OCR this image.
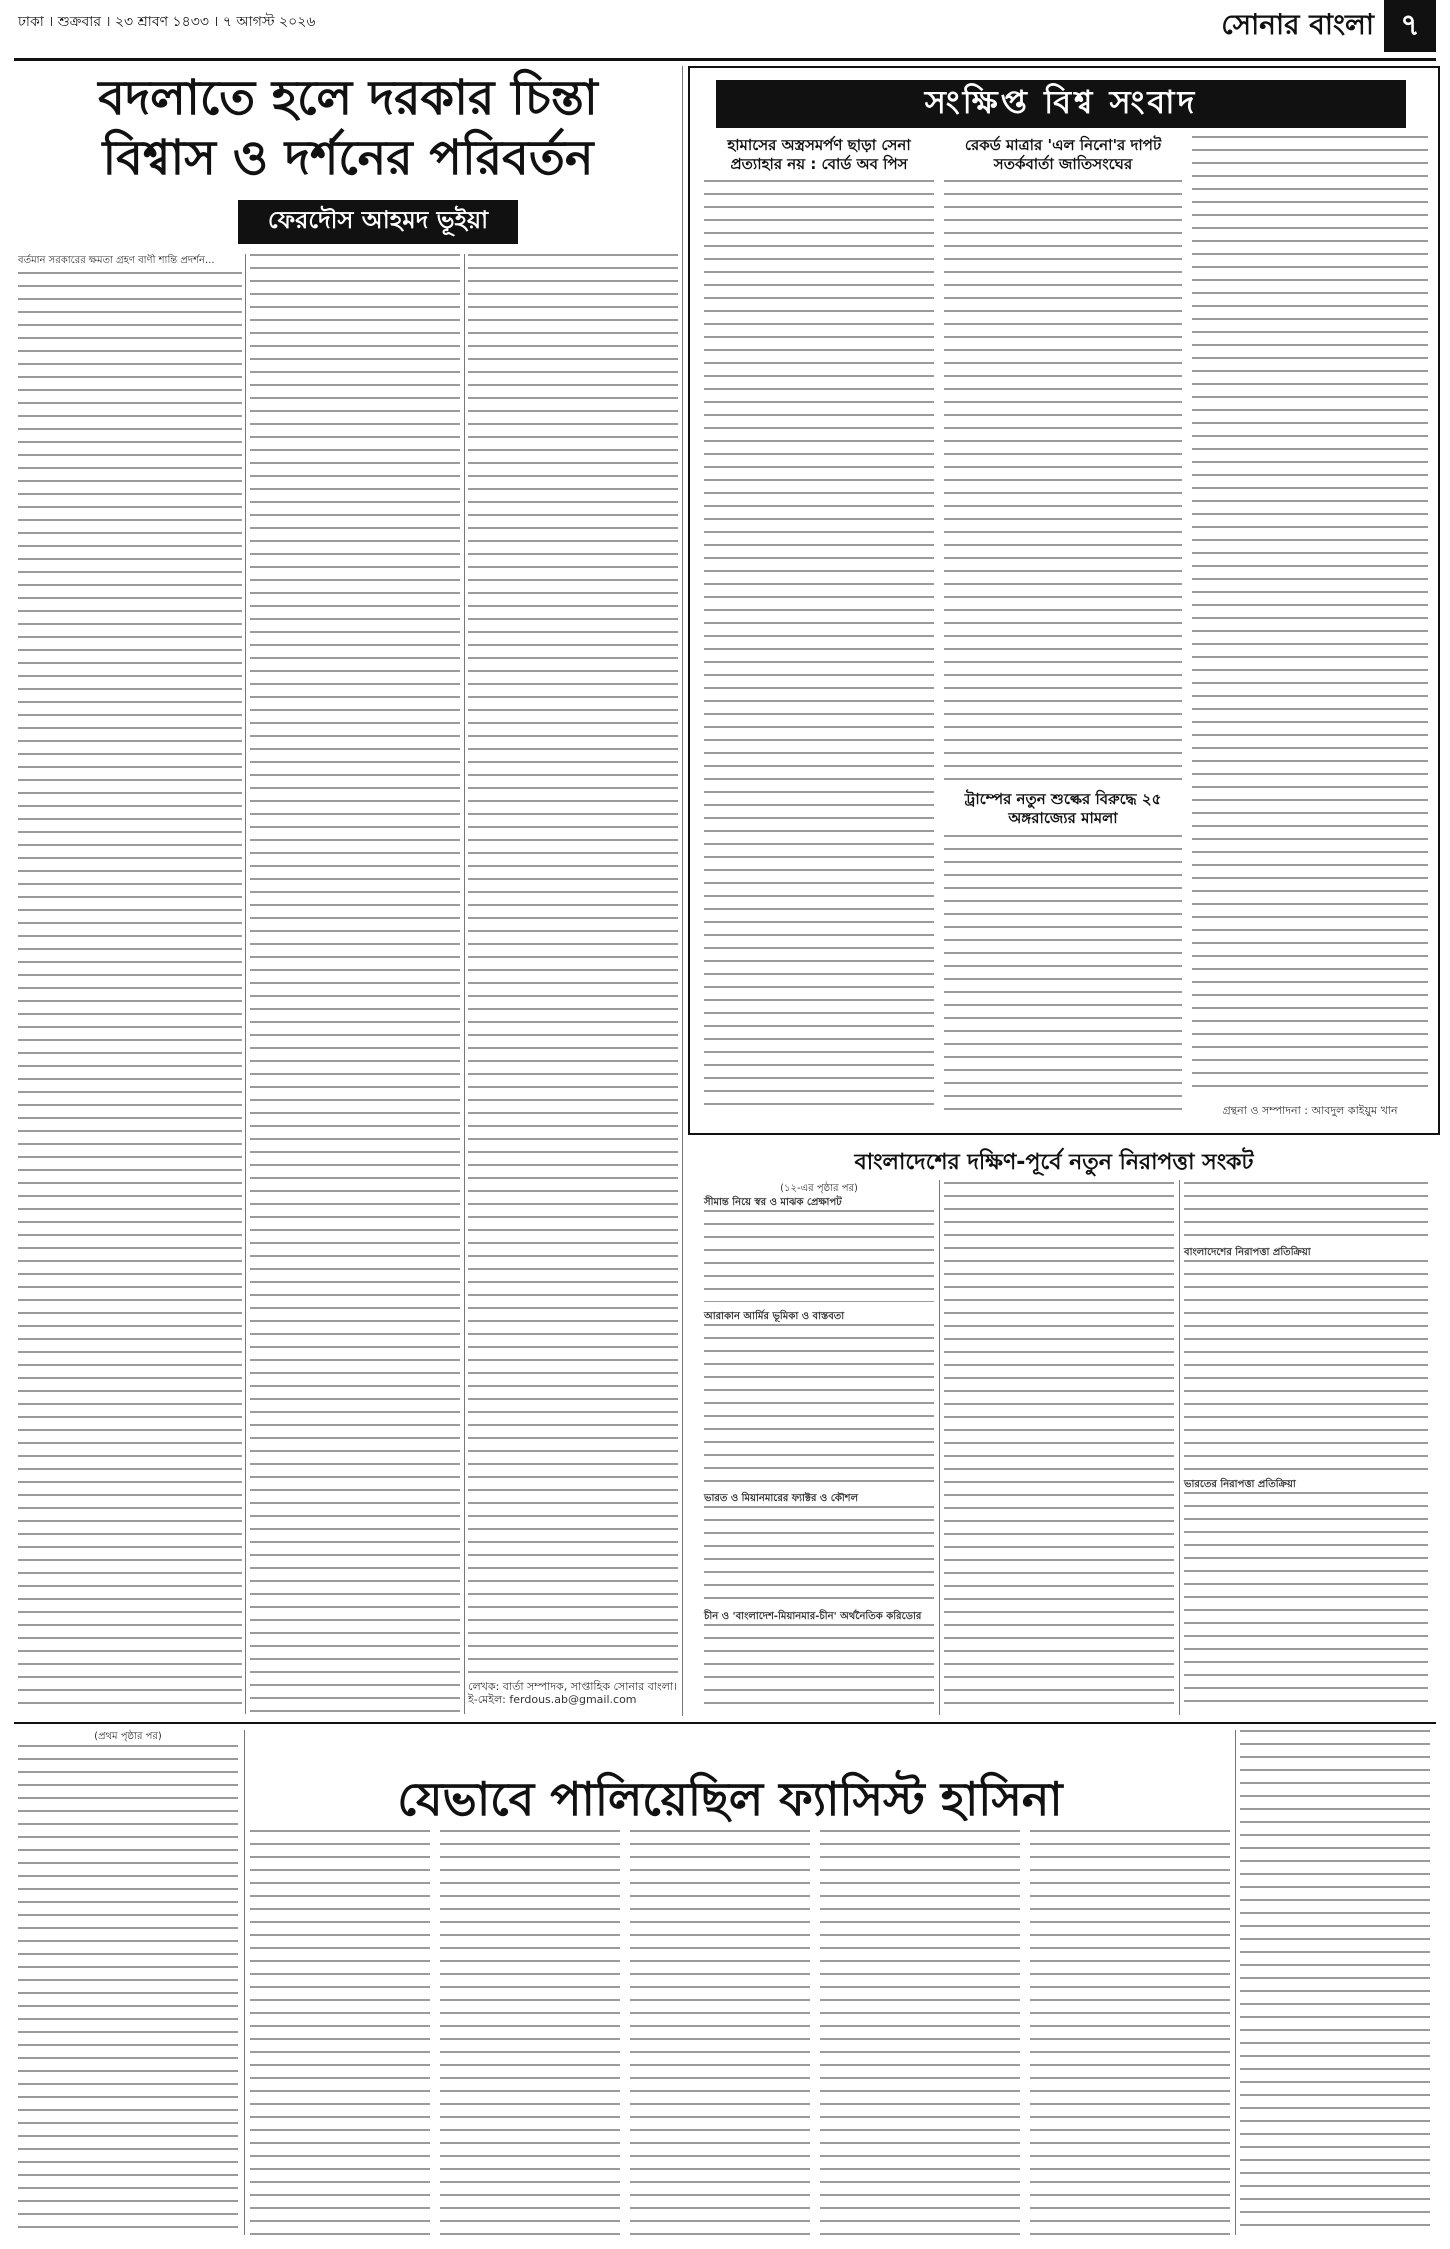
ঢাকা । শুক্রবার । ২৩ শ্রাবণ ১৪৩৩ । ৭ আগস্ট ২০২৬	সোনার বাংলা ৭
বদলাতে হলে দরকার চিন্তা
বিশ্বাস ও দর্শনের পরিবর্তন
ফেরদৌস আহমদ ভূইয়া
বর্তমান সরকারের ক্ষমতা গ্রহণ বাণী শান্তি প্রদর্শন...
লেখক: বার্তা সম্পাদক, সাপ্তাহিক সোনার বাংলা।
ই-মেইল: ferdous.ab@gmail.com
সংক্ষিপ্ত বিশ্ব সংবাদ
হামাসের অস্ত্রসমর্পণ ছাড়া সেনা প্রত্যাহার নয় : বোর্ড অব পিস
রেকর্ড মাত্রার 'এল নিনো'র দাপট সতর্কবার্তা জাতিসংঘের
ট্রাম্পের নতুন শুল্কের বিরুদ্ধে ২৫ অঙ্গরাজ্যের মামলা
গ্রন্থনা ও সম্পাদনা : আবদুল কাইয়ুম খান
বাংলাদেশের দক্ষিণ-পূর্বে নতুন নিরাপত্তা সংকট
(১২-এর পৃষ্ঠার পর)
সীমান্ত নিয়ে স্বর ও মাঝক প্রেক্ষাপট
আরাকান আর্মির ভূমিকা ও বাস্তবতা
ভারত ও মিয়ানমারের ফ্যাক্টর ও কৌশল
চীন ও 'বাংলাদেশ-মিয়ানমার-চীন' অর্থনৈতিক করিডোর
বাংলাদেশের নিরাপত্তা প্রতিক্রিয়া
ভারতের নিরাপত্তা প্রতিক্রিয়া
(প্রথম পৃষ্ঠার পর)
যেভাবে পালিয়েছিল ফ্যাসিস্ট হাসিনা
